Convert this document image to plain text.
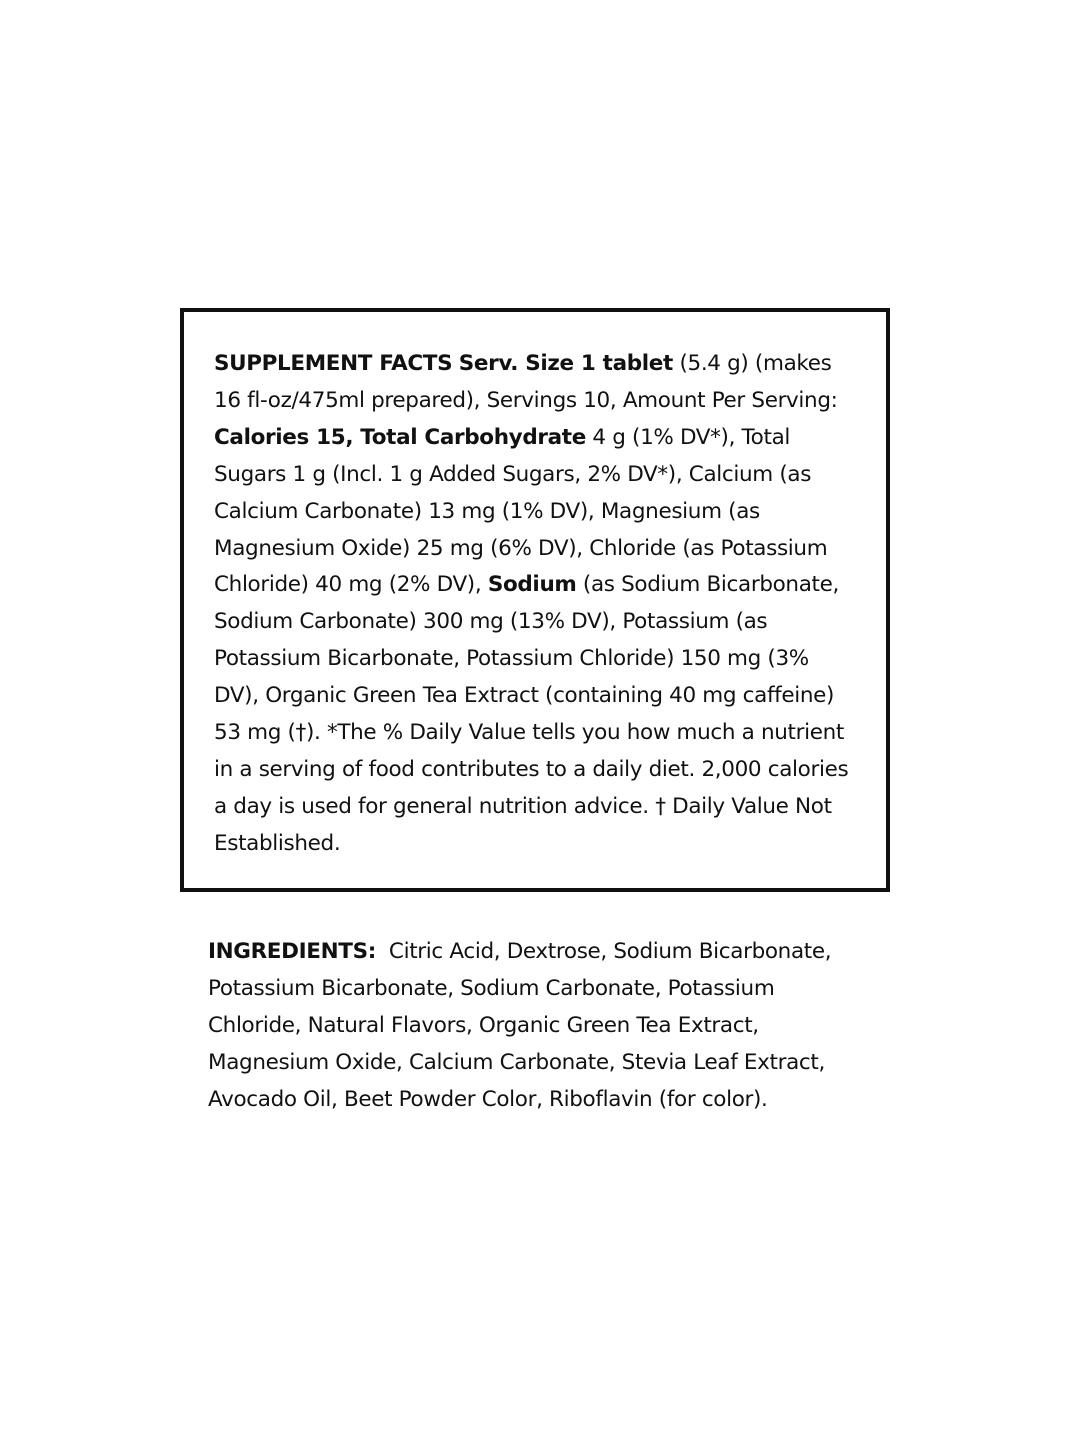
SUPPLEMENT FACTS Serv. Size 1 tablet (5.4 g) (makes 16 fl-oz/475ml prepared), Servings 10, Amount Per Serving: Calories 15, Total Carbohydrate 4 g (1% DV*), Total Sugars 1 g (Incl. 1 g Added Sugars, 2% DV*), Calcium (as Calcium Carbonate) 13 mg (1% DV), Magnesium (as Magnesium Oxide) 25 mg (6% DV), Chloride (as Potassium Chloride) 40 mg (2% DV), Sodium (as Sodium Bicarbonate, Sodium Carbonate) 300 mg (13% DV), Potassium (as Potassium Bicarbonate, Potassium Chloride) 150 mg (3% DV), Organic Green Tea Extract (containing 40 mg caffeine) 53 mg (†). *The % Daily Value tells you how much a nutrient in a serving of food contributes to a daily diet. 2,000 calories a day is used for general nutrition advice. † Daily Value Not Established.

INGREDIENTS:  Citric Acid, Dextrose, Sodium Bicarbonate, Potassium Bicarbonate, Sodium Carbonate, Potassium Chloride, Natural Flavors, Organic Green Tea Extract, Magnesium Oxide, Calcium Carbonate, Stevia Leaf Extract, Avocado Oil, Beet Powder Color, Riboflavin (for color).
